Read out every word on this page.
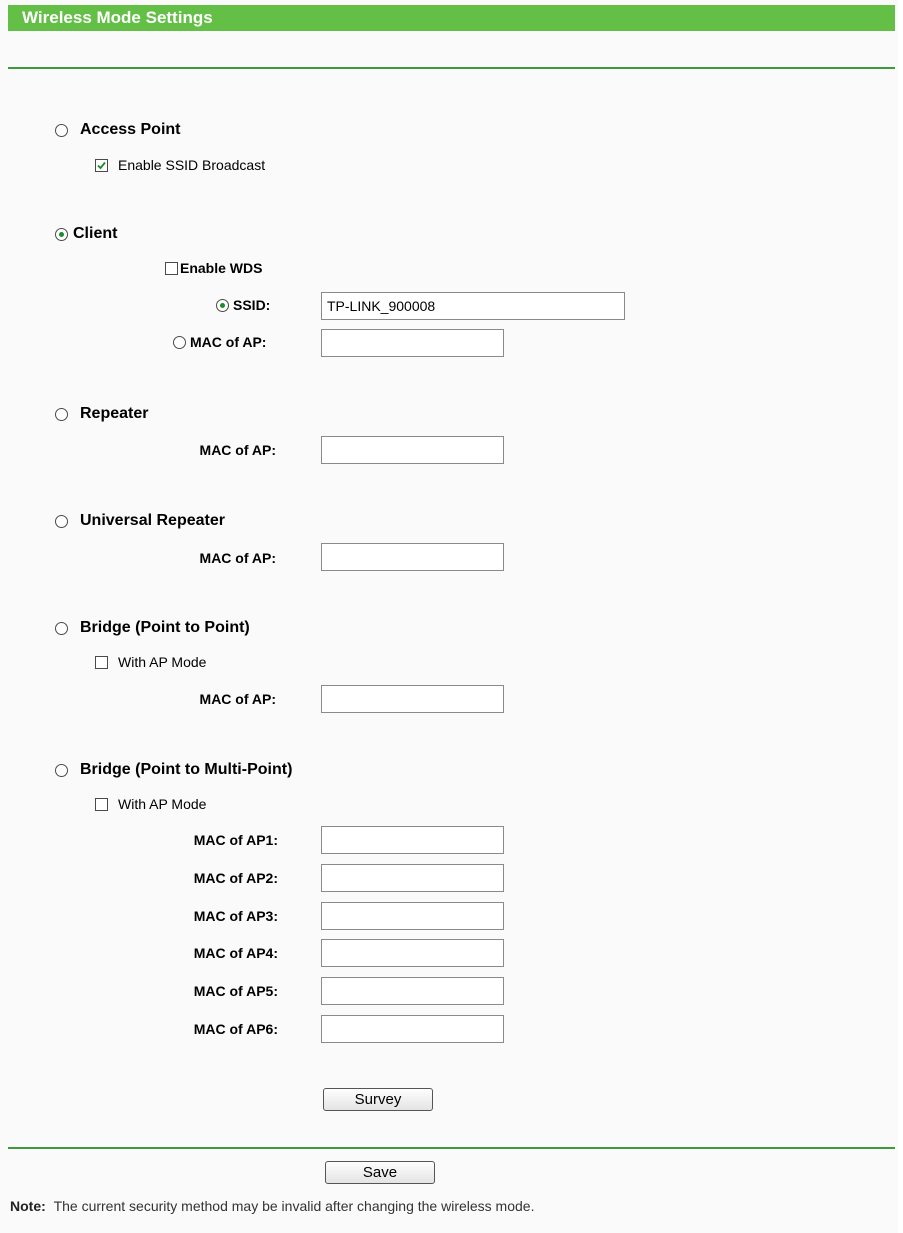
Wireless Mode Settings
Access Point
Enable SSID Broadcast
Client
Enable WDS
SSID:
TP-LINK_900008
MAC of AP:
Repeater
MAC of AP:
Universal Repeater
MAC of AP:
Bridge (Point to Point)
With AP Mode
MAC of AP:
Bridge (Point to Multi-Point)
With AP Mode
MAC of AP1:
MAC of AP2:
MAC of AP3:
MAC of AP4:
MAC of AP5:
MAC of AP6:
Survey
Save
Note: The current security method may be invalid after changing the wireless mode.
